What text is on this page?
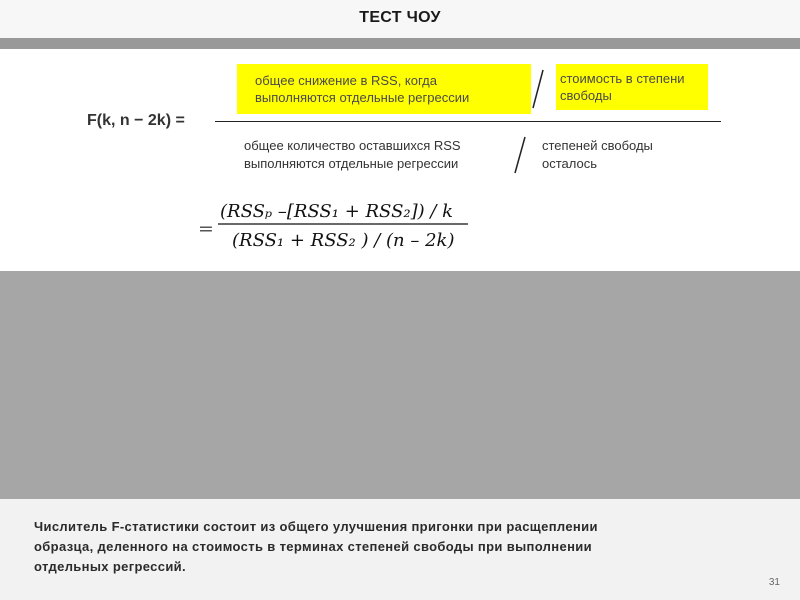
ТЕСТ ЧОУ
общее снижение в RSS, когда
выполняются отдельные регрессии
стоимость в степени
свободы
F(k, n − 2k) =
общее количество оставшихся RSS
выполняются отдельные регрессии
степеней свободы
осталось
=
(RSSₚ –[RSS₁ + RSS₂]) / k
(RSS₁ + RSS₂ ) / (n – 2k)
Числитель F-статистики состоит из общего улучшения пригонки при расщеплении
образца, деленного на стоимость в терминах степеней свободы при выполнении
отдельных регрессий.
31
